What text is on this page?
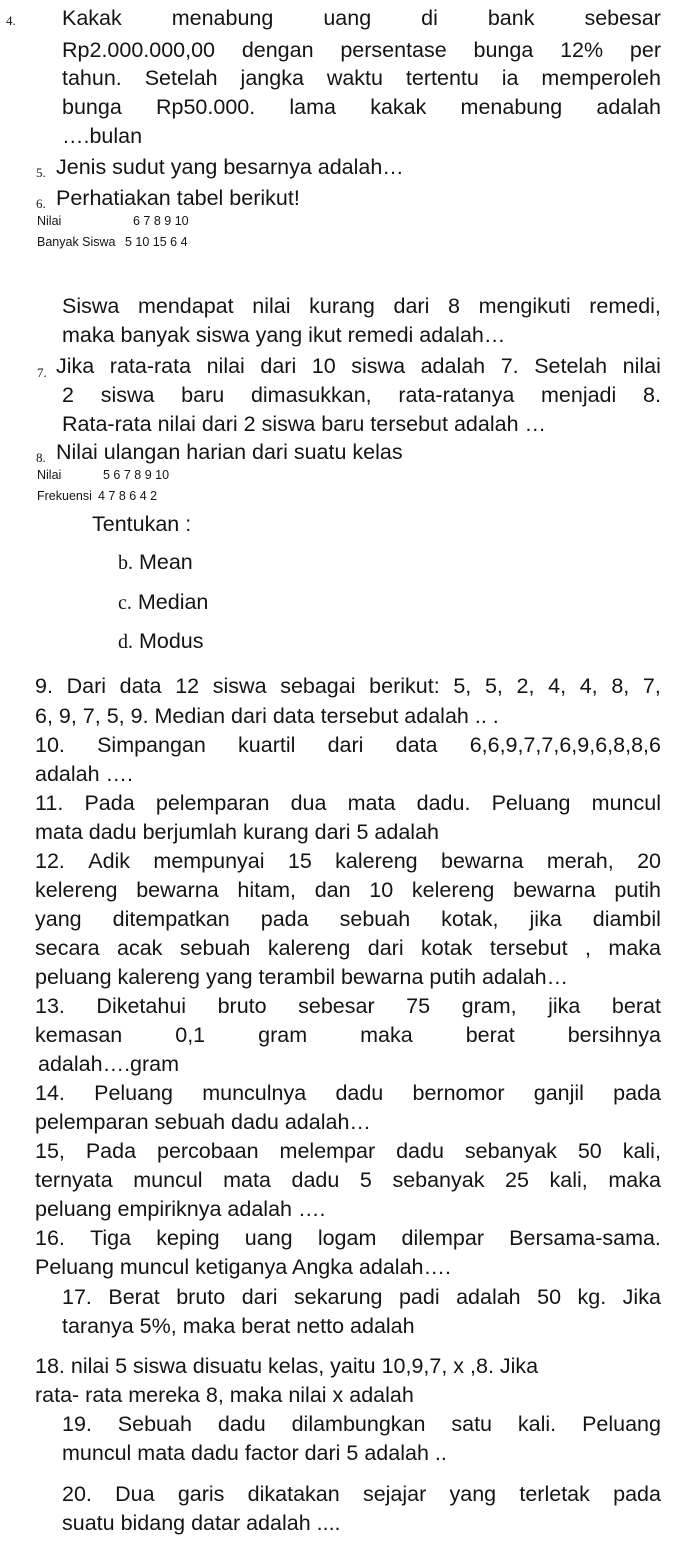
4. Kakak menabung uang di bank sebesar
Rp2.000.000,00 dengan persentase bunga 12% per
tahun. Setelah jangka waktu tertentu ia memperoleh
bunga Rp50.000. lama kakak menabung adalah
….bulan
5. Jenis sudut yang besarnya adalah…
6. Perhatiakan tabel berikut!
Nilai	6 7 8 9 10
Banyak Siswa 5 10 15 6 4
Siswa mendapat nilai kurang dari 8 mengikuti remedi,
maka banyak siswa yang ikut remedi adalah…
7. Jika rata-rata nilai dari 10 siswa adalah 7. Setelah nilai
2 siswa baru dimasukkan, rata-ratanya menjadi 8.
Rata-rata nilai dari 2 siswa baru tersebut adalah …
8. Nilai ulangan harian dari suatu kelas
Nilai	5 6 7 8 9 10
Frekuensi 4 7 8 6 4 2
Tentukan :
b. Mean
c. Median
d. Modus
9. Dari data 12 siswa sebagai berikut: 5, 5, 2, 4, 4, 8, 7,
6, 9, 7, 5, 9. Median dari data tersebut adalah .. .
10. Simpangan kuartil dari data 6,6,9,7,7,6,9,6,8,8,6
adalah ….
11. Pada pelemparan dua mata dadu. Peluang muncul
mata dadu berjumlah kurang dari 5 adalah
12. Adik mempunyai 15 kalereng bewarna merah, 20
kelereng bewarna hitam, dan 10 kelereng bewarna putih
yang ditempatkan pada sebuah kotak, jika diambil
secara acak sebuah kalereng dari kotak tersebut , maka
peluang kalereng yang terambil bewarna putih adalah…
13. Diketahui bruto sebesar 75 gram, jika berat
kemasan 0,1 gram maka berat bersihnya
adalah….gram
14. Peluang munculnya dadu bernomor ganjil pada
pelemparan sebuah dadu adalah…
15, Pada percobaan melempar dadu sebanyak 50 kali,
ternyata muncul mata dadu 5 sebanyak 25 kali, maka
peluang empiriknya adalah ….
16. Tiga keping uang logam dilempar Bersama-sama.
Peluang muncul ketiganya Angka adalah….
17. Berat bruto dari sekarung padi adalah 50 kg. Jika
taranya 5%, maka berat netto adalah
18. nilai 5 siswa disuatu kelas, yaitu 10,9,7, x ,8. Jika
rata- rata mereka 8, maka nilai x adalah
19. Sebuah dadu dilambungkan satu kali. Peluang
muncul mata dadu factor dari 5 adalah ..
20. Dua garis dikatakan sejajar yang terletak pada
suatu bidang datar adalah ....
